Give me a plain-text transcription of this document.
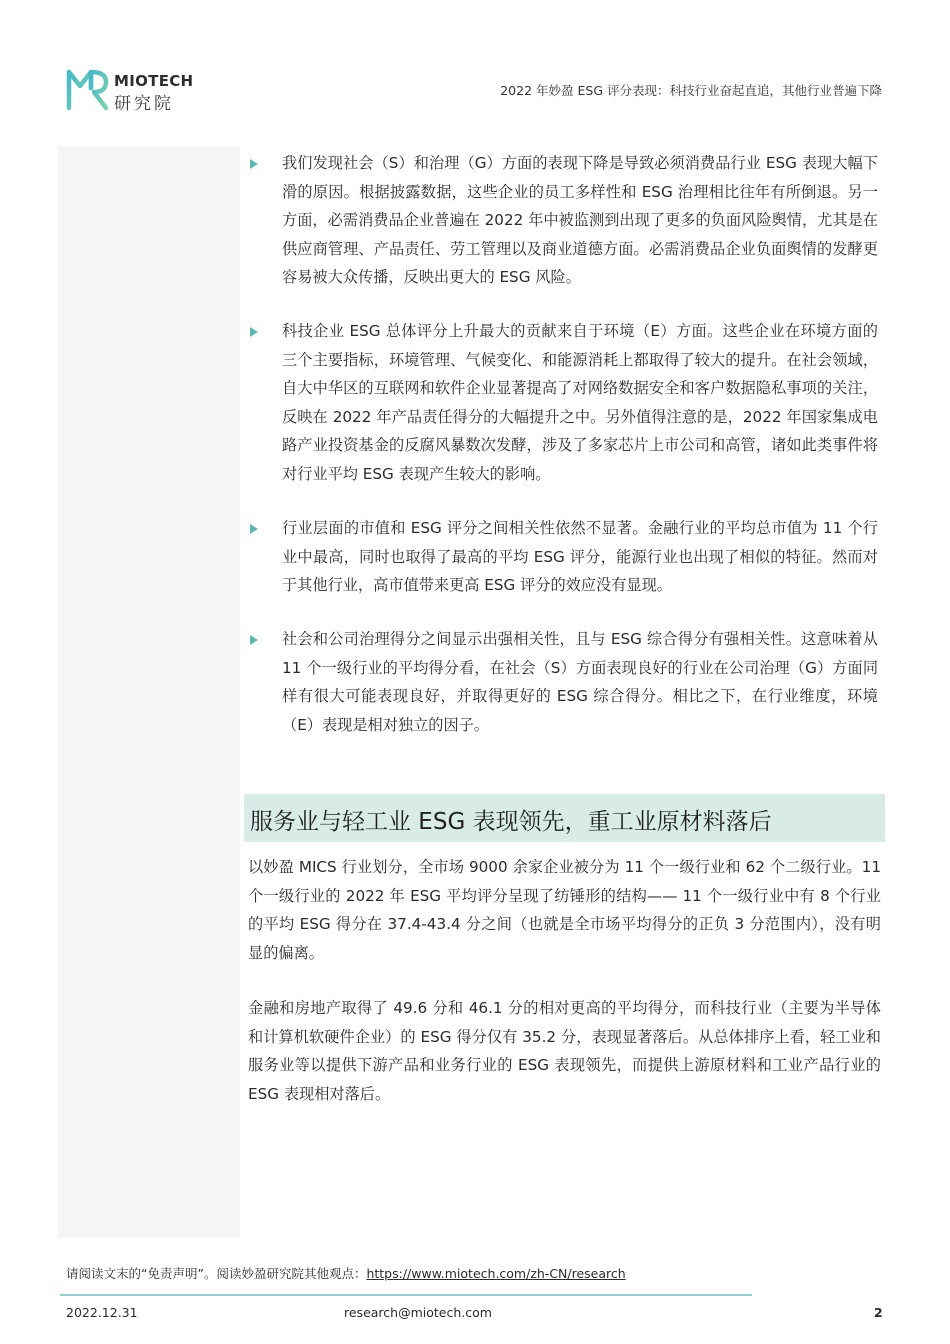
MIOTECH
研究院
2022 年妙盈 ESG 评分表现：科技行业奋起直追，其他行业普遍下降
我们发现社会（S）和治理（G）方面的表现下降是导致必须消费品行业 ESG 表现大幅下滑的原因。根据披露数据，这些企业的员工多样性和 ESG 治理相比往年有所倒退。另一方面，必需消费品企业普遍在 2022 年中被监测到出现了更多的负面风险舆情，尤其是在供应商管理、产品责任、劳工管理以及商业道德方面。必需消费品企业负面舆情的发酵更容易被大众传播，反映出更大的 ESG 风险。
科技企业 ESG 总体评分上升最大的贡献来自于环境（E）方面。这些企业在环境方面的三个主要指标，环境管理、气候变化、和能源消耗上都取得了较大的提升。在社会领域，自大中华区的互联网和软件企业显著提高了对网络数据安全和客户数据隐私事项的关注，反映在 2022 年产品责任得分的大幅提升之中。另外值得注意的是，2022 年国家集成电路产业投资基金的反腐风暴数次发酵，涉及了多家芯片上市公司和高管，诸如此类事件将对行业平均 ESG 表现产生较大的影响。
行业层面的市值和 ESG 评分之间相关性依然不显著。金融行业的平均总市值为 11 个行业中最高，同时也取得了最高的平均 ESG 评分，能源行业也出现了相似的特征。然而对于其他行业，高市值带来更高 ESG 评分的效应没有显现。
社会和公司治理得分之间显示出强相关性，且与 ESG 综合得分有强相关性。这意味着从 11 个一级行业的平均得分看，在社会（S）方面表现良好的行业在公司治理（G）方面同样有很大可能表现良好，并取得更好的 ESG 综合得分。相比之下，在行业维度，环境（E）表现是相对独立的因子。
服务业与轻工业 ESG 表现领先，重工业原材料落后
以妙盈 MICS 行业划分，全市场 9000 余家企业被分为 11 个一级行业和 62 个二级行业。11 个一级行业的 2022 年 ESG 平均评分呈现了纺锤形的结构—— 11 个一级行业中有 8 个行业的平均 ESG 得分在 37.4-43.4 分之间（也就是全市场平均得分的正负 3 分范围内），没有明显的偏离。
金融和房地产取得了 49.6 分和 46.1 分的相对更高的平均得分，而科技行业（主要为半导体和计算机软硬件企业）的 ESG 得分仅有 35.2 分，表现显著落后。从总体排序上看，轻工业和服务业等以提供下游产品和业务行业的 ESG 表现领先，而提供上游原材料和工业产品行业的 ESG 表现相对落后。
请阅读文末的“免责声明”。阅读妙盈研究院其他观点：https://www.miotech.com/zh-CN/research
2022.12.31	research@miotech.com	2
